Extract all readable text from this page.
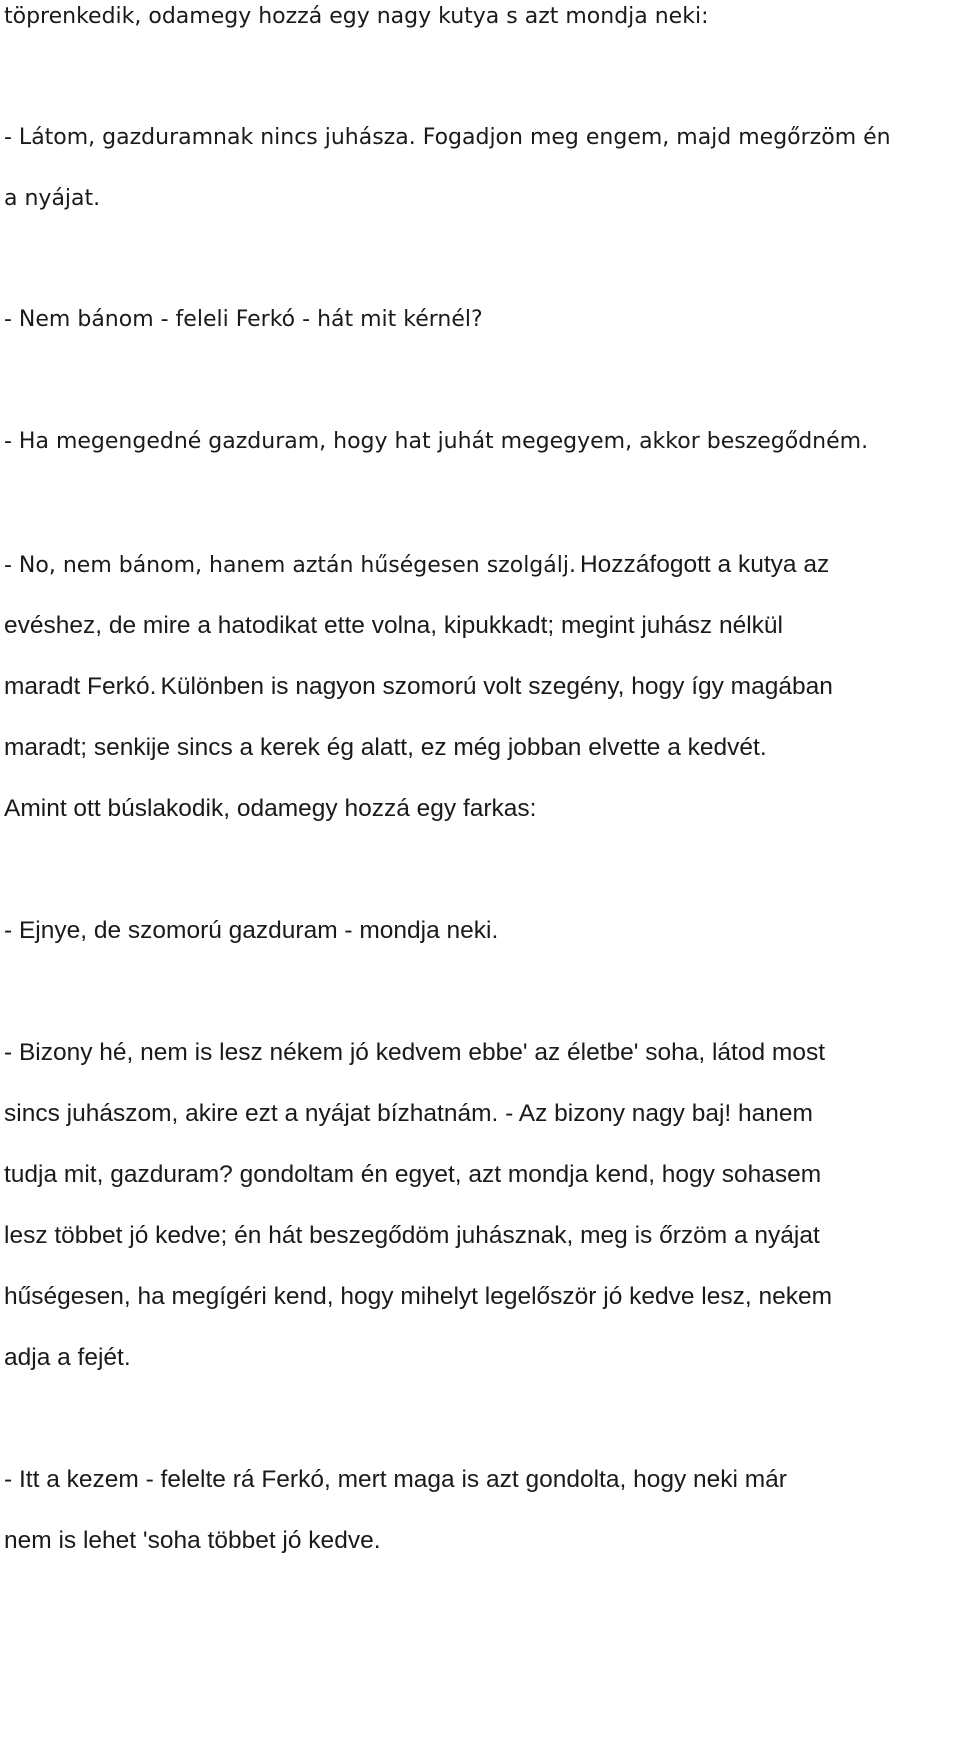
töprenkedik, odamegy hozzá egy nagy kutya s azt mondja neki:
- Látom, gazduramnak nincs juhásza. Fogadjon meg engem, majd megőrzöm én
a nyájat.
- Nem bánom - feleli Ferkó - hát mit kérnél?
- Ha megengedné gazduram, hogy hat juhát megegyem, akkor beszegődném.
- No, nem bánom, hanem aztán hűségesen szolgálj. Hozzáfogott a kutya az
evéshez, de mire a hatodikat ette volna, kipukkadt; megint juhász nélkül
maradt Ferkó. Különben is nagyon szomorú volt szegény, hogy így magában
maradt; senkije sincs a kerek ég alatt, ez még jobban elvette a kedvét.
Amint ott búslakodik, odamegy hozzá egy farkas:
- Ejnye, de szomorú gazduram - mondja neki.
- Bizony hé, nem is lesz nékem jó kedvem ebbe' az életbe' soha, látod most
sincs juhászom, akire ezt a nyájat bízhatnám. - Az bizony nagy baj! hanem
tudja mit, gazduram? gondoltam én egyet, azt mondja kend, hogy sohasem
lesz többet jó kedve; én hát beszegődöm juhásznak, meg is őrzöm a nyájat
hűségesen, ha megígéri kend, hogy mihelyt legelőször jó kedve lesz, nekem
adja a fejét.
- Itt a kezem - felelte rá Ferkó, mert maga is azt gondolta, hogy neki már
nem is lehet 'soha többet jó kedve.
